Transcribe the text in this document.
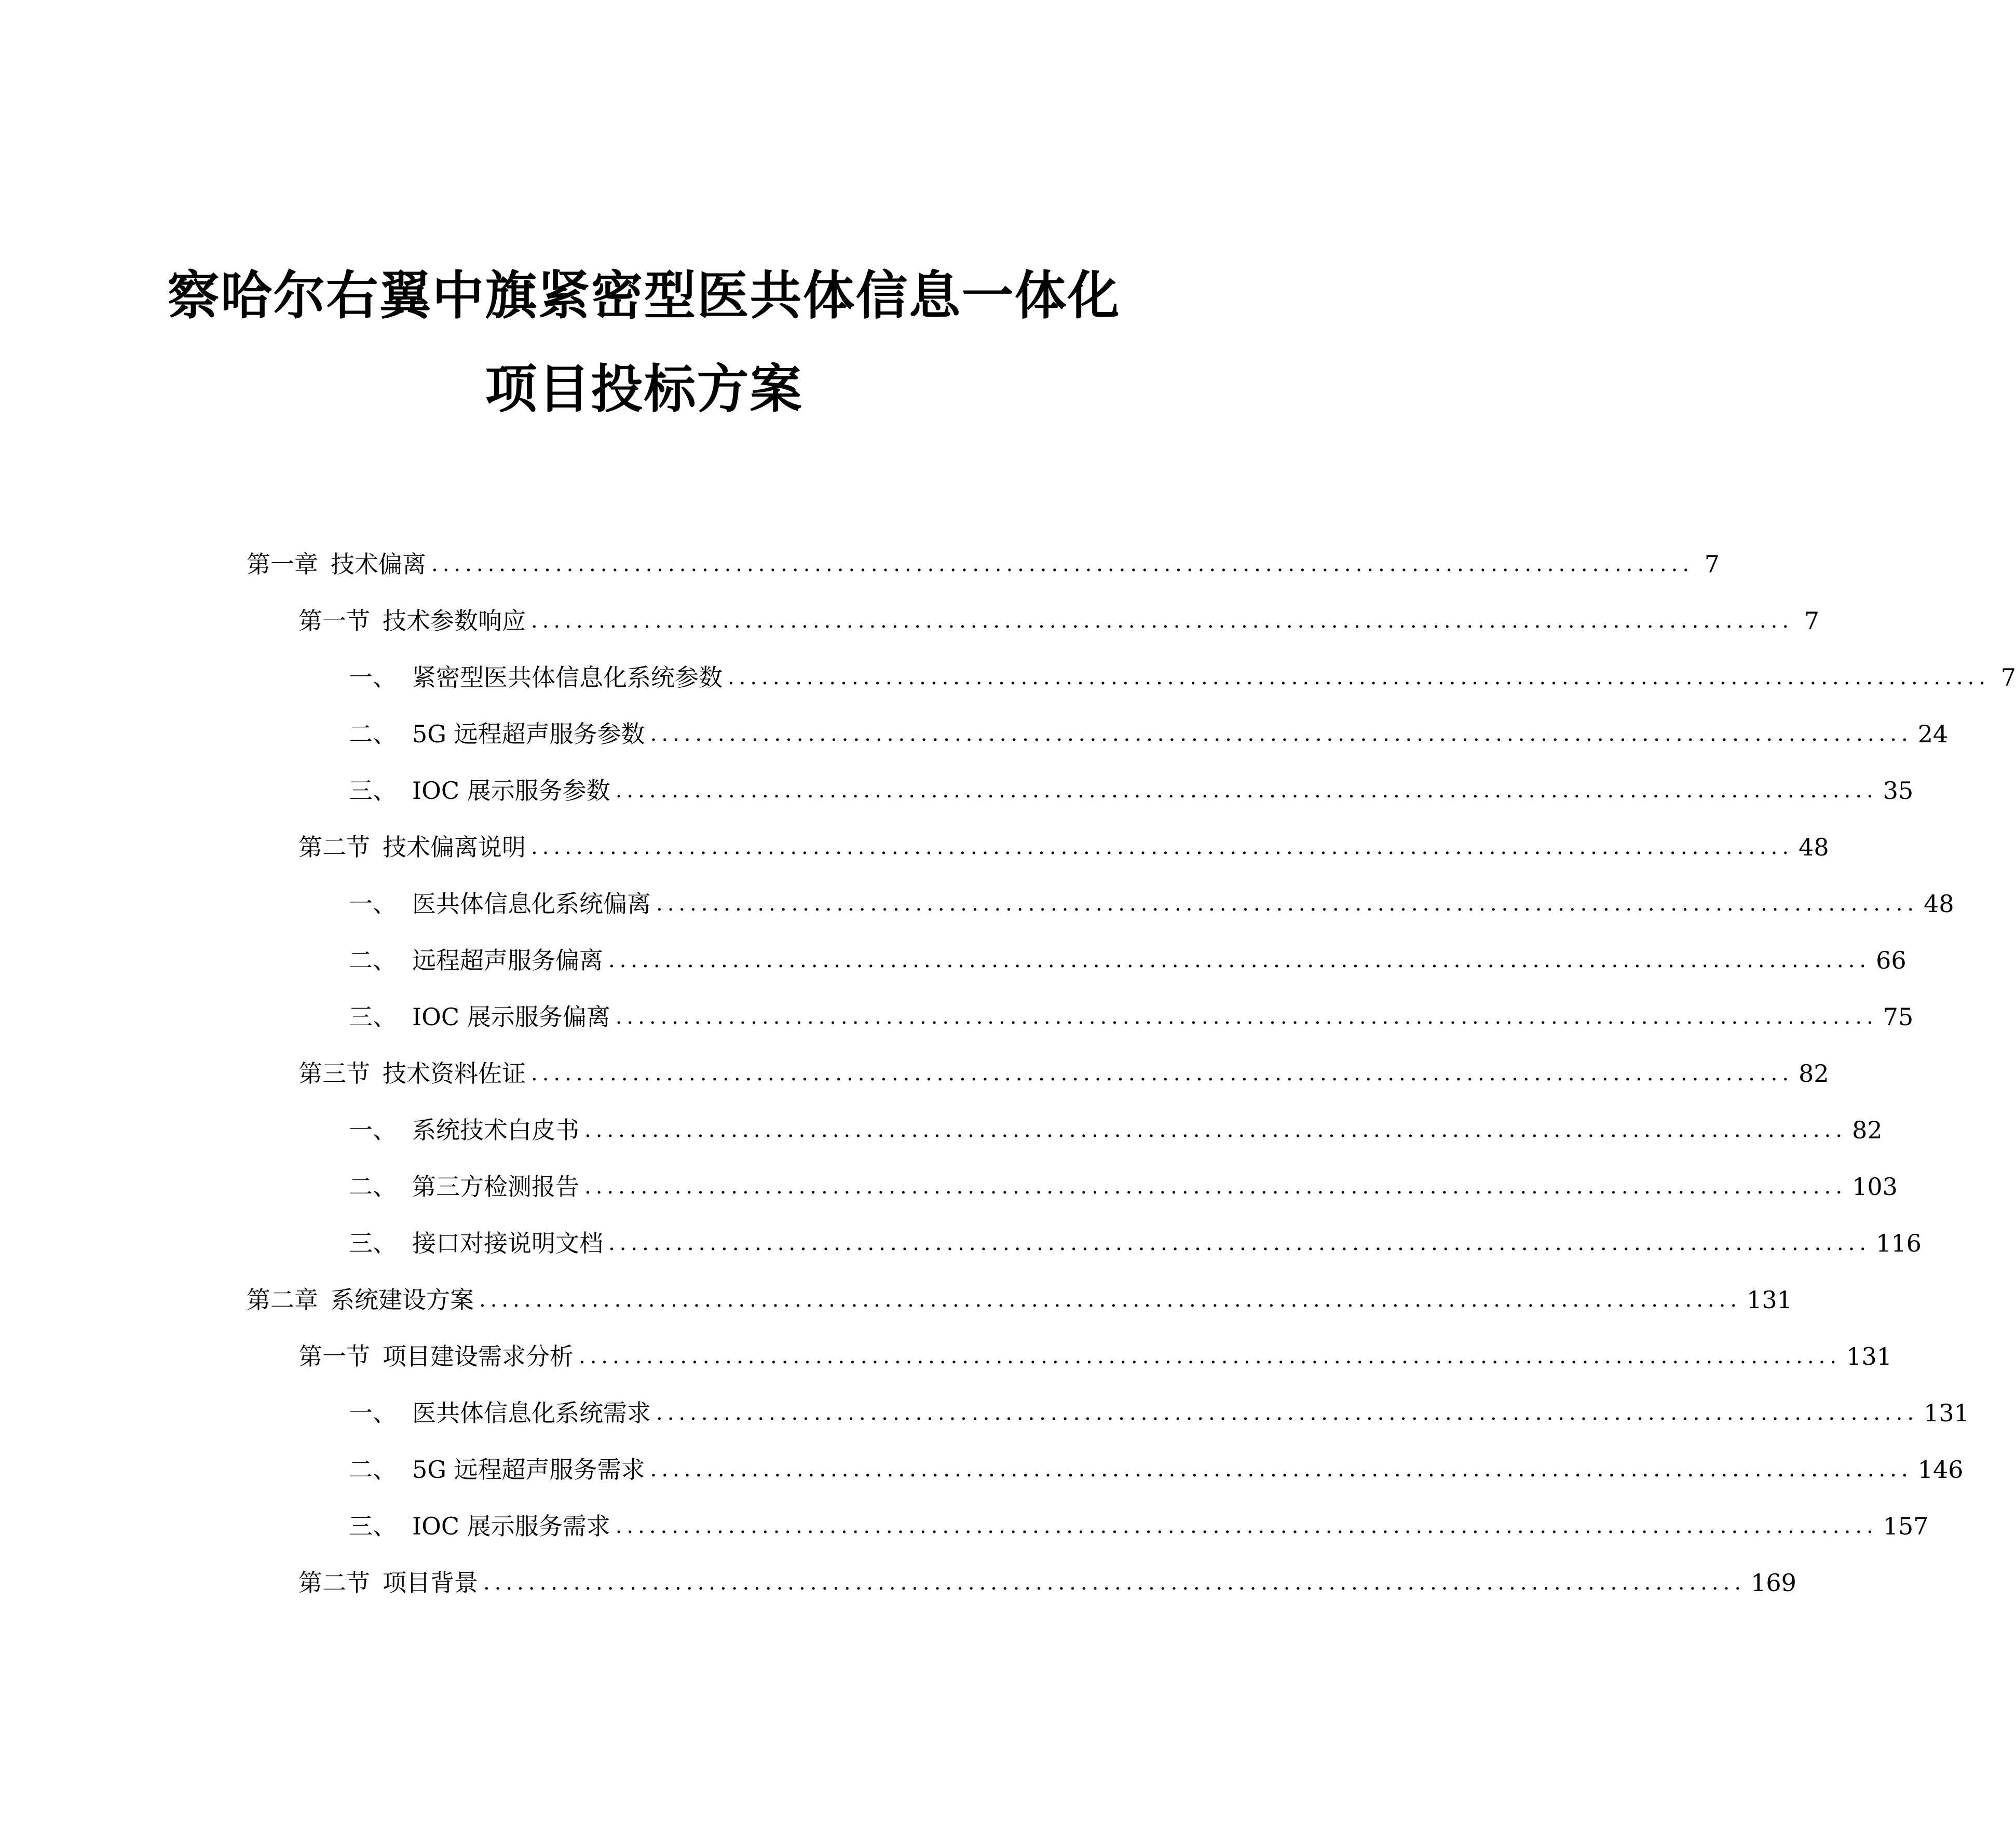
察哈尔右翼中旗紧密型医共体信息一体化
项目投标方案
第一章 技术偏离 ................................................................................................................ 7
第一节 技术参数响应 ................................................................................................................ 7
一、 紧密型医共体信息化系统参数 ................................................................................................................ 7
二、 5G 远程超声服务参数 ................................................................................................................ 24
三、 IOC 展示服务参数 ................................................................................................................ 35
第二节 技术偏离说明 ................................................................................................................ 48
一、 医共体信息化系统偏离 ................................................................................................................ 48
二、 远程超声服务偏离 ................................................................................................................ 66
三、 IOC 展示服务偏离 ................................................................................................................ 75
第三节 技术资料佐证 ................................................................................................................ 82
一、 系统技术白皮书 ................................................................................................................ 82
二、 第三方检测报告 ................................................................................................................ 103
三、 接口对接说明文档 ................................................................................................................ 116
第二章 系统建设方案 ................................................................................................................ 131
第一节 项目建设需求分析 ................................................................................................................ 131
一、 医共体信息化系统需求 ................................................................................................................ 131
二、 5G 远程超声服务需求 ................................................................................................................ 146
三、 IOC 展示服务需求 ................................................................................................................ 157
第二节 项目背景 ................................................................................................................ 169
